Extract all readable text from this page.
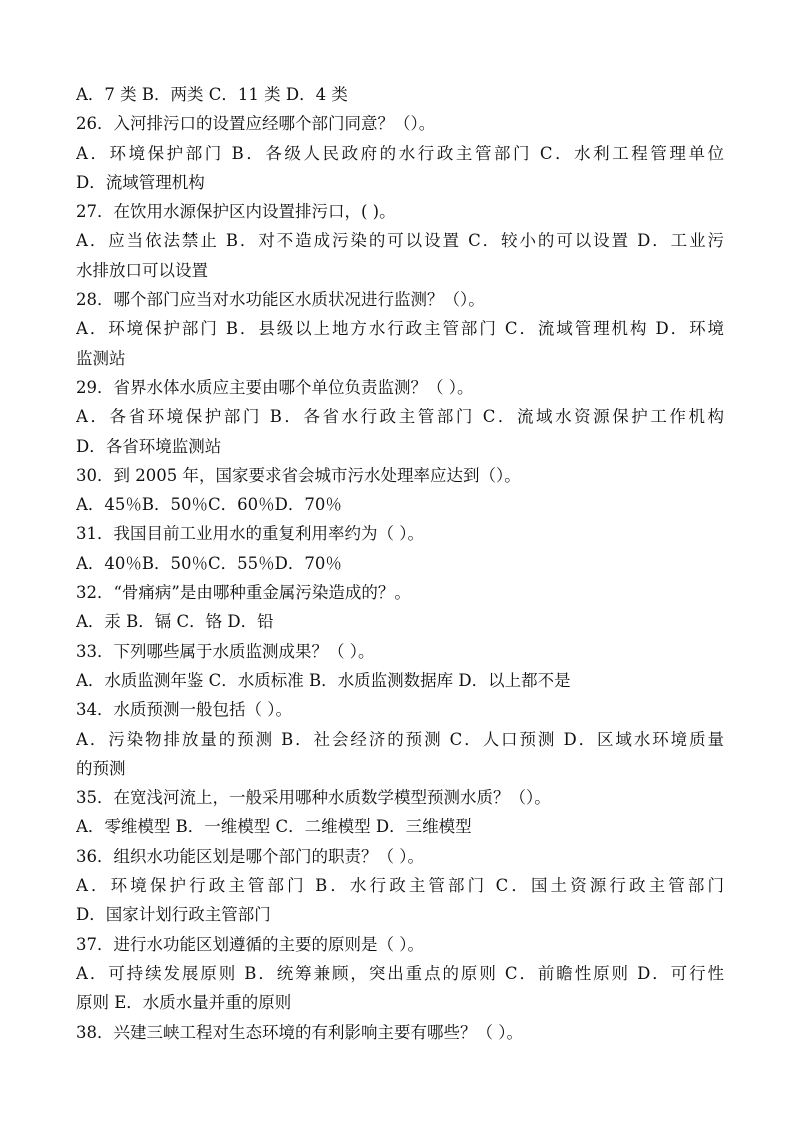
A．7 类 B．两类 C．11 类 D．4 类
26．入河排污口的设置应经哪个部门同意？（）。
A．环境保护部门 B．各级人民政府的水行政主管部门 C．水利工程管理单位
D．流域管理机构
27．在饮用水源保护区内设置排污口，( )。
A．应当依法禁止 B．对不造成污染的可以设置 C．较小的可以设置 D．工业污
水排放口可以设置
28．哪个部门应当对水功能区水质状况进行监测？（）。
A．环境保护部门 B．县级以上地方水行政主管部门 C．流域管理机构 D．环境
监测站
29．省界水体水质应主要由哪个单位负责监测？（ ）。
A．各省环境保护部门 B．各省水行政主管部门 C．流域水资源保护工作机构
D．各省环境监测站
30．到 2005 年，国家要求省会城市污水处理率应达到（）。
A．45％B．50％C．60％D．70％
31．我国目前工业用水的重复利用率约为（ ）。
A．40％B．50％C．55％D．70％
32．“骨痛病”是由哪种重金属污染造成的？。
A．汞 B．镉 C．铬 D．铅
33．下列哪些属于水质监测成果？（ ）。
A．水质监测年鉴 C．水质标准 B．水质监测数据库 D．以上都不是
34．水质预测一般包括（ ）。
A．污染物排放量的预测 B．社会经济的预测 C．人口预测 D．区域水环境质量
的预测
35．在宽浅河流上，一般采用哪种水质数学模型预测水质？（）。
A．零维模型 B．一维模型 C．二维模型 D．三维模型
36．组织水功能区划是哪个部门的职责？（ ）。
A．环境保护行政主管部门 B．水行政主管部门 C．国土资源行政主管部门
D．国家计划行政主管部门
37．进行水功能区划遵循的主要的原则是（ ）。
A．可持续发展原则 B．统筹兼顾，突出重点的原则 C．前瞻性原则 D．可行性
原则 E．水质水量并重的原则
38．兴建三峡工程对生态环境的有利影响主要有哪些？（ ）。
